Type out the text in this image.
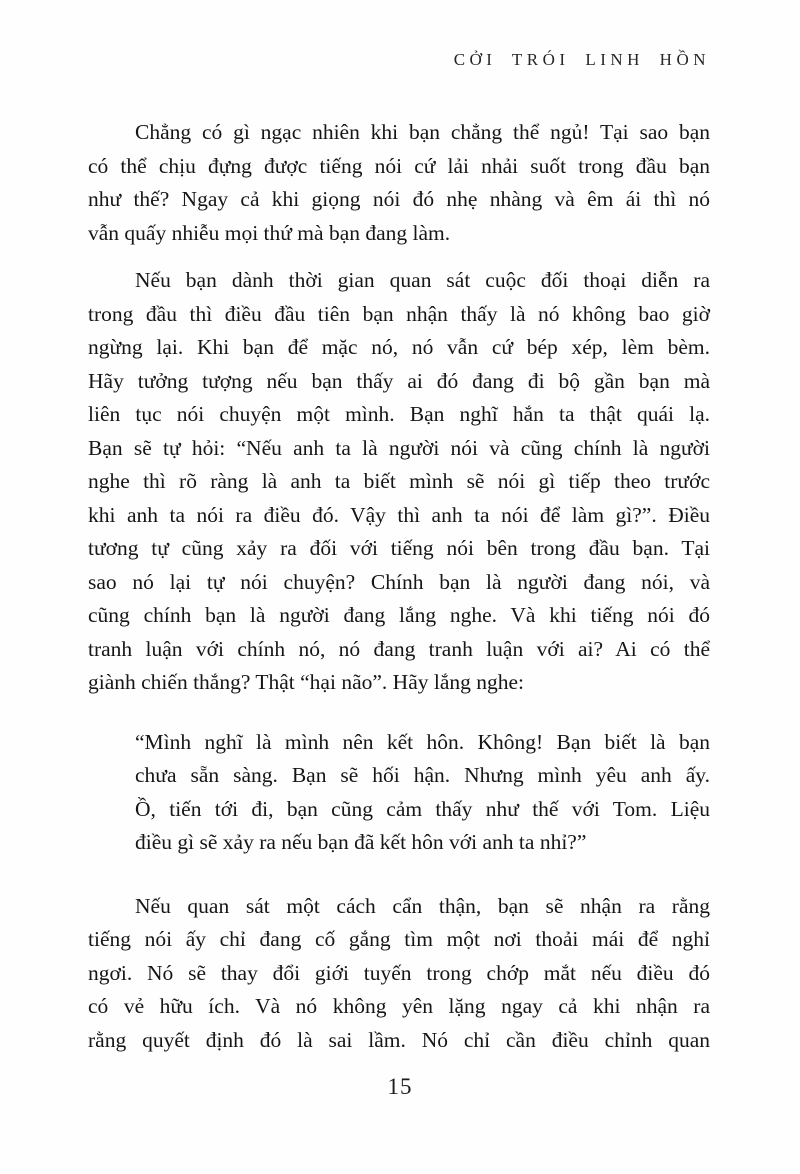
CỞI TRÓI LINH HỒN
Chẳng có gì ngạc nhiên khi bạn chẳng thể ngủ! Tại sao bạn
có thể chịu đựng được tiếng nói cứ lải nhải suốt trong đầu bạn
như thế? Ngay cả khi giọng nói đó nhẹ nhàng và êm ái thì nó
vẫn quấy nhiễu mọi thứ mà bạn đang làm.
Nếu bạn dành thời gian quan sát cuộc đối thoại diễn ra
trong đầu thì điều đầu tiên bạn nhận thấy là nó không bao giờ
ngừng lại. Khi bạn để mặc nó, nó vẫn cứ bép xép, lèm bèm.
Hãy tưởng tượng nếu bạn thấy ai đó đang đi bộ gần bạn mà
liên tục nói chuyện một mình. Bạn nghĩ hắn ta thật quái lạ.
Bạn sẽ tự hỏi: “Nếu anh ta là người nói và cũng chính là người
nghe thì rõ ràng là anh ta biết mình sẽ nói gì tiếp theo trước
khi anh ta nói ra điều đó. Vậy thì anh ta nói để làm gì?”. Điều
tương tự cũng xảy ra đối với tiếng nói bên trong đầu bạn. Tại
sao nó lại tự nói chuyện? Chính bạn là người đang nói, và
cũng chính bạn là người đang lắng nghe. Và khi tiếng nói đó
tranh luận với chính nó, nó đang tranh luận với ai? Ai có thể
giành chiến thắng? Thật “hại não”. Hãy lắng nghe:
“Mình nghĩ là mình nên kết hôn. Không! Bạn biết là bạn
chưa sẵn sàng. Bạn sẽ hối hận. Nhưng mình yêu anh ấy.
Ồ, tiến tới đi, bạn cũng cảm thấy như thế với Tom. Liệu
điều gì sẽ xảy ra nếu bạn đã kết hôn với anh ta nhỉ?”
Nếu quan sát một cách cẩn thận, bạn sẽ nhận ra rằng
tiếng nói ấy chỉ đang cố gắng tìm một nơi thoải mái để nghỉ
ngơi. Nó sẽ thay đổi giới tuyến trong chớp mắt nếu điều đó
có vẻ hữu ích. Và nó không yên lặng ngay cả khi nhận ra
rằng quyết định đó là sai lầm. Nó chỉ cần điều chỉnh quan
15
